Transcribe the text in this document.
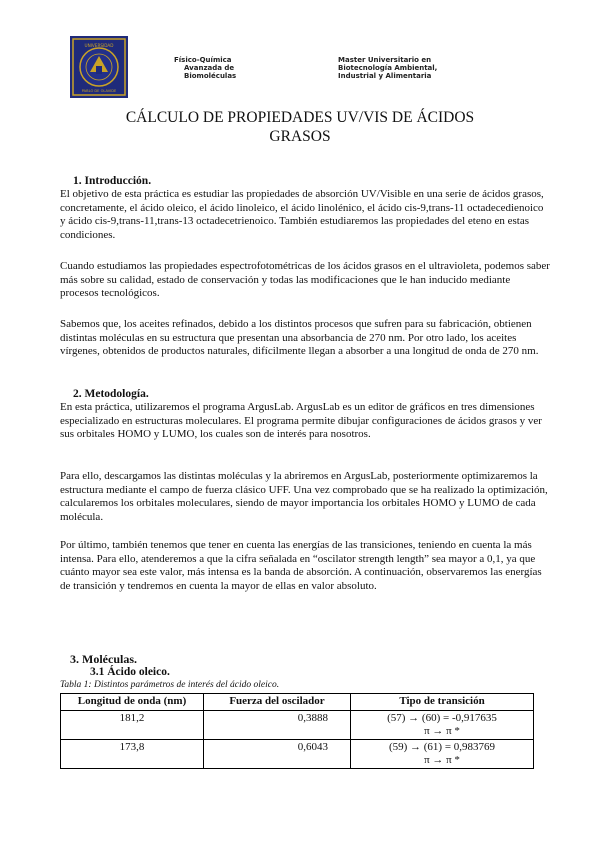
UNIVERSIDAD
PABLO DE OLAVIDE
Físico-Química
Avanzada de
Biomoléculas
Master Universitario en
Biotecnología Ambiental,
Industrial y Alimentaria
CÁLCULO DE PROPIEDADES UV/VIS DE ÁCIDOS
GRASOS
1. Introducción.
El objetivo de esta práctica es estudiar las propiedades de absorción UV/Visible en una serie de ácidos grasos, concretamente, el ácido oleico, el ácido linoleico, el ácido linolénico, el ácido cis-9,trans-11 octadecedienoico y ácido cis-9,trans-11,trans-13 octadecetrienoico. También estudiaremos las propiedades del eteno en estas condiciones.
Cuando estudiamos las propiedades espectrofotométricas de los ácidos grasos en el ultravioleta, podemos saber más sobre su calidad, estado de conservación y todas las modificaciones que le han inducido mediante procesos tecnológicos.
Sabemos que, los aceites refinados, debido a los distintos procesos que sufren para su fabricación, obtienen distintas moléculas en su estructura que presentan una absorbancia de 270 nm. Por otro lado, los aceites vírgenes, obtenidos de productos naturales, difícilmente llegan a absorber a una longitud de onda de 270 nm.
2. Metodología.
En esta práctica, utilizaremos el programa ArgusLab. ArgusLab es un editor de gráficos en tres dimensiones especializado en estructuras moleculares. El programa permite dibujar configuraciones de ácidos grasos y ver sus orbitales HOMO y LUMO, los cuales son de interés para nosotros.
Para ello, descargamos las distintas moléculas y la abriremos en ArgusLab, posteriormente optimizaremos la estructura mediante el campo de fuerza clásico UFF. Una vez comprobado que se ha realizado la optimización, calcularemos los orbitales moleculares, siendo de mayor importancia los orbitales HOMO y LUMO de cada molécula.
Por último, también tenemos que tener en cuenta las energías de las transiciones, teniendo en cuenta la más intensa. Para ello, atenderemos a que la cifra señalada en “oscilator strength length” sea mayor a 0,1, ya que cuánto mayor sea este valor, más intensa es la banda de absorción. A continuación, observaremos las energías de transición y tendremos en cuenta la mayor de ellas en valor absoluto.
3. Moléculas.
3.1 Ácido oleico.
Tabla 1: Distintos parámetros de interés del ácido oleico.
Longitud de onda (nm)	Fuerza del oscilador	Tipo de transición
181,2	0,3888	(57) → (60) = -0,917635
π → π *

173,8	0,6043	(59) → (61) = 0,983769
π → π *
